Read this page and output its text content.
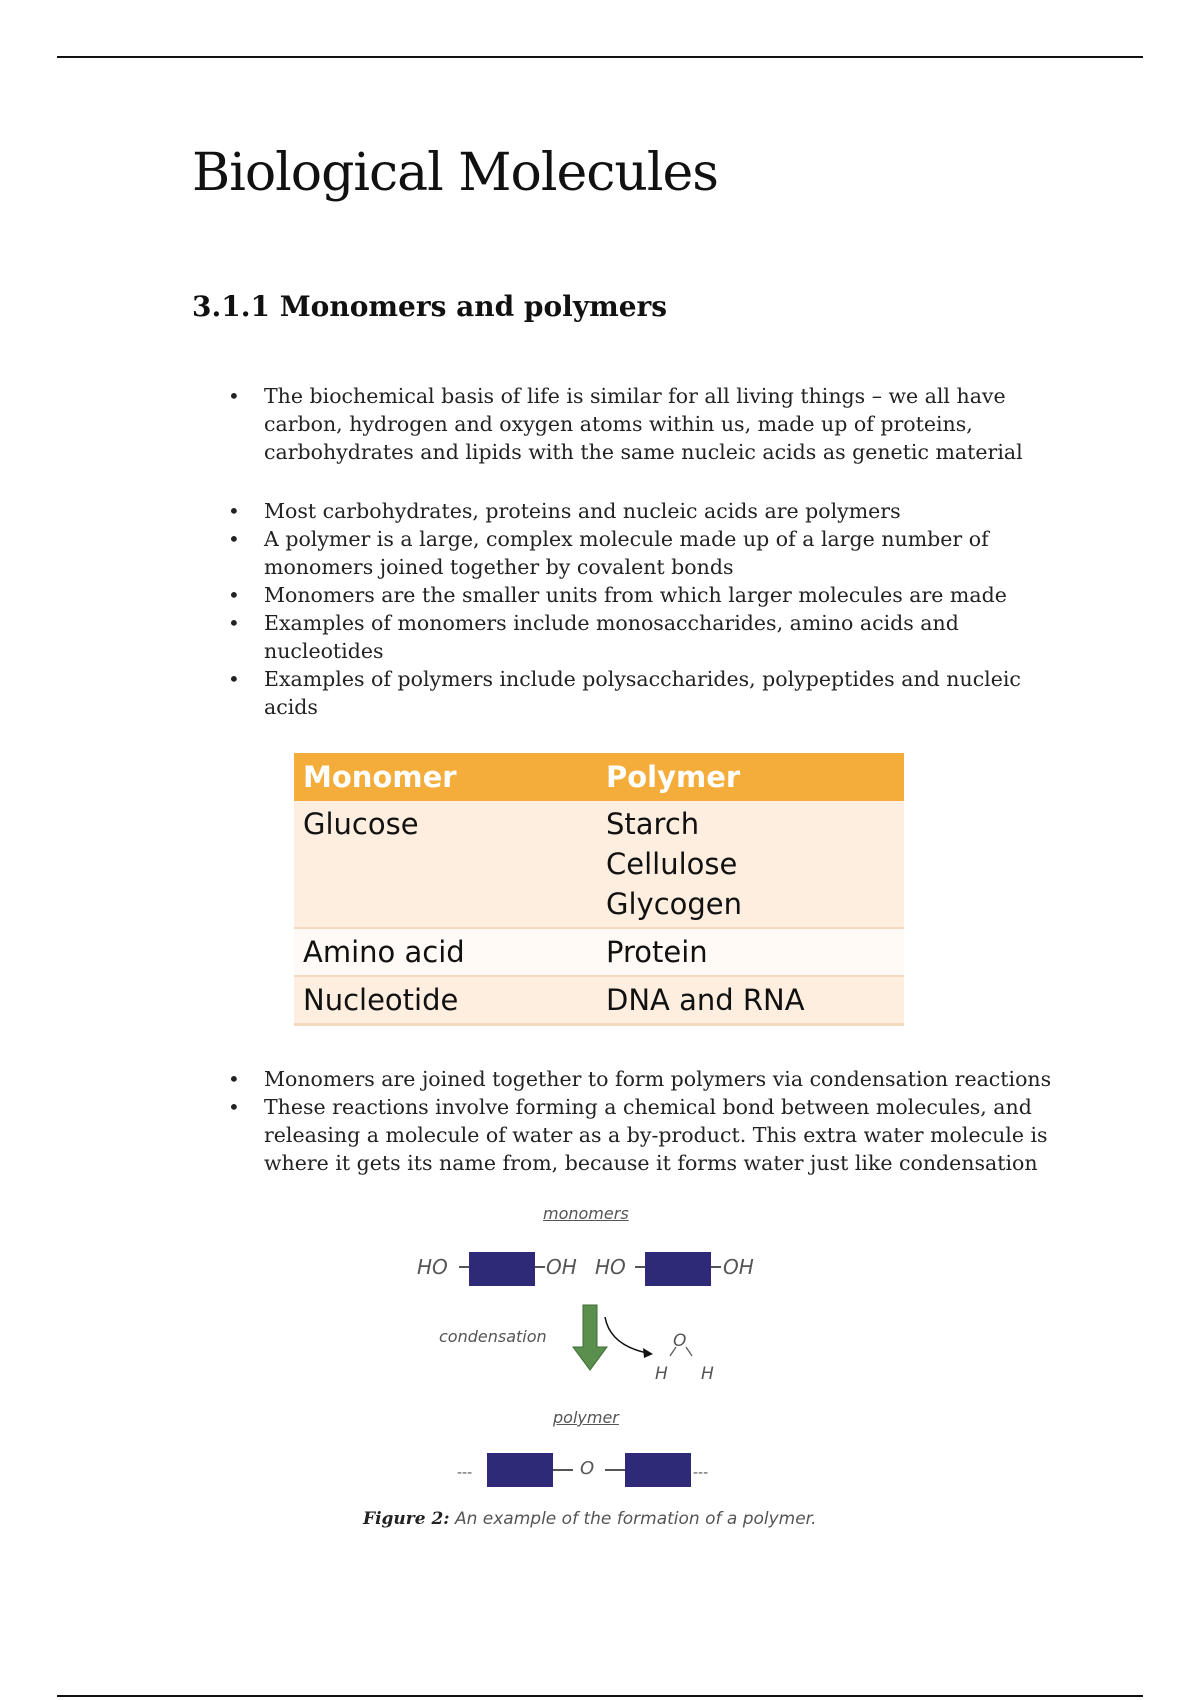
Biological Molecules
3.1.1 Monomers and polymers
• The biochemical basis of life is similar for all living things – we all have carbon, hydrogen and oxygen atoms within us, made up of proteins, carbohydrates and lipids with the same nucleic acids as genetic material
• Most carbohydrates, proteins and nucleic acids are polymers
• A polymer is a large, complex molecule made up of a large number of monomers joined together by covalent bonds
• Monomers are the smaller units from which larger molecules are made
• Examples of monomers include monosaccharides, amino acids and nucleotides
• Examples of polymers include polysaccharides, polypeptides and nucleic acids
Monomer	Polymer
Glucose	Starch
Cellulose
Glycogen

Amino acid	Protein
Nucleotide	DNA and RNA
• Monomers are joined together to form polymers via condensation reactions
• These reactions involve forming a chemical bond between molecules, and releasing a molecule of water as a by-product. This extra water molecule is where it gets its name from, because it forms water just like condensation
---	---
monomers
HO	OH HO	OH
condensation	O
H H
polymer
O

Figure 2: An example of the formation of a polymer.
